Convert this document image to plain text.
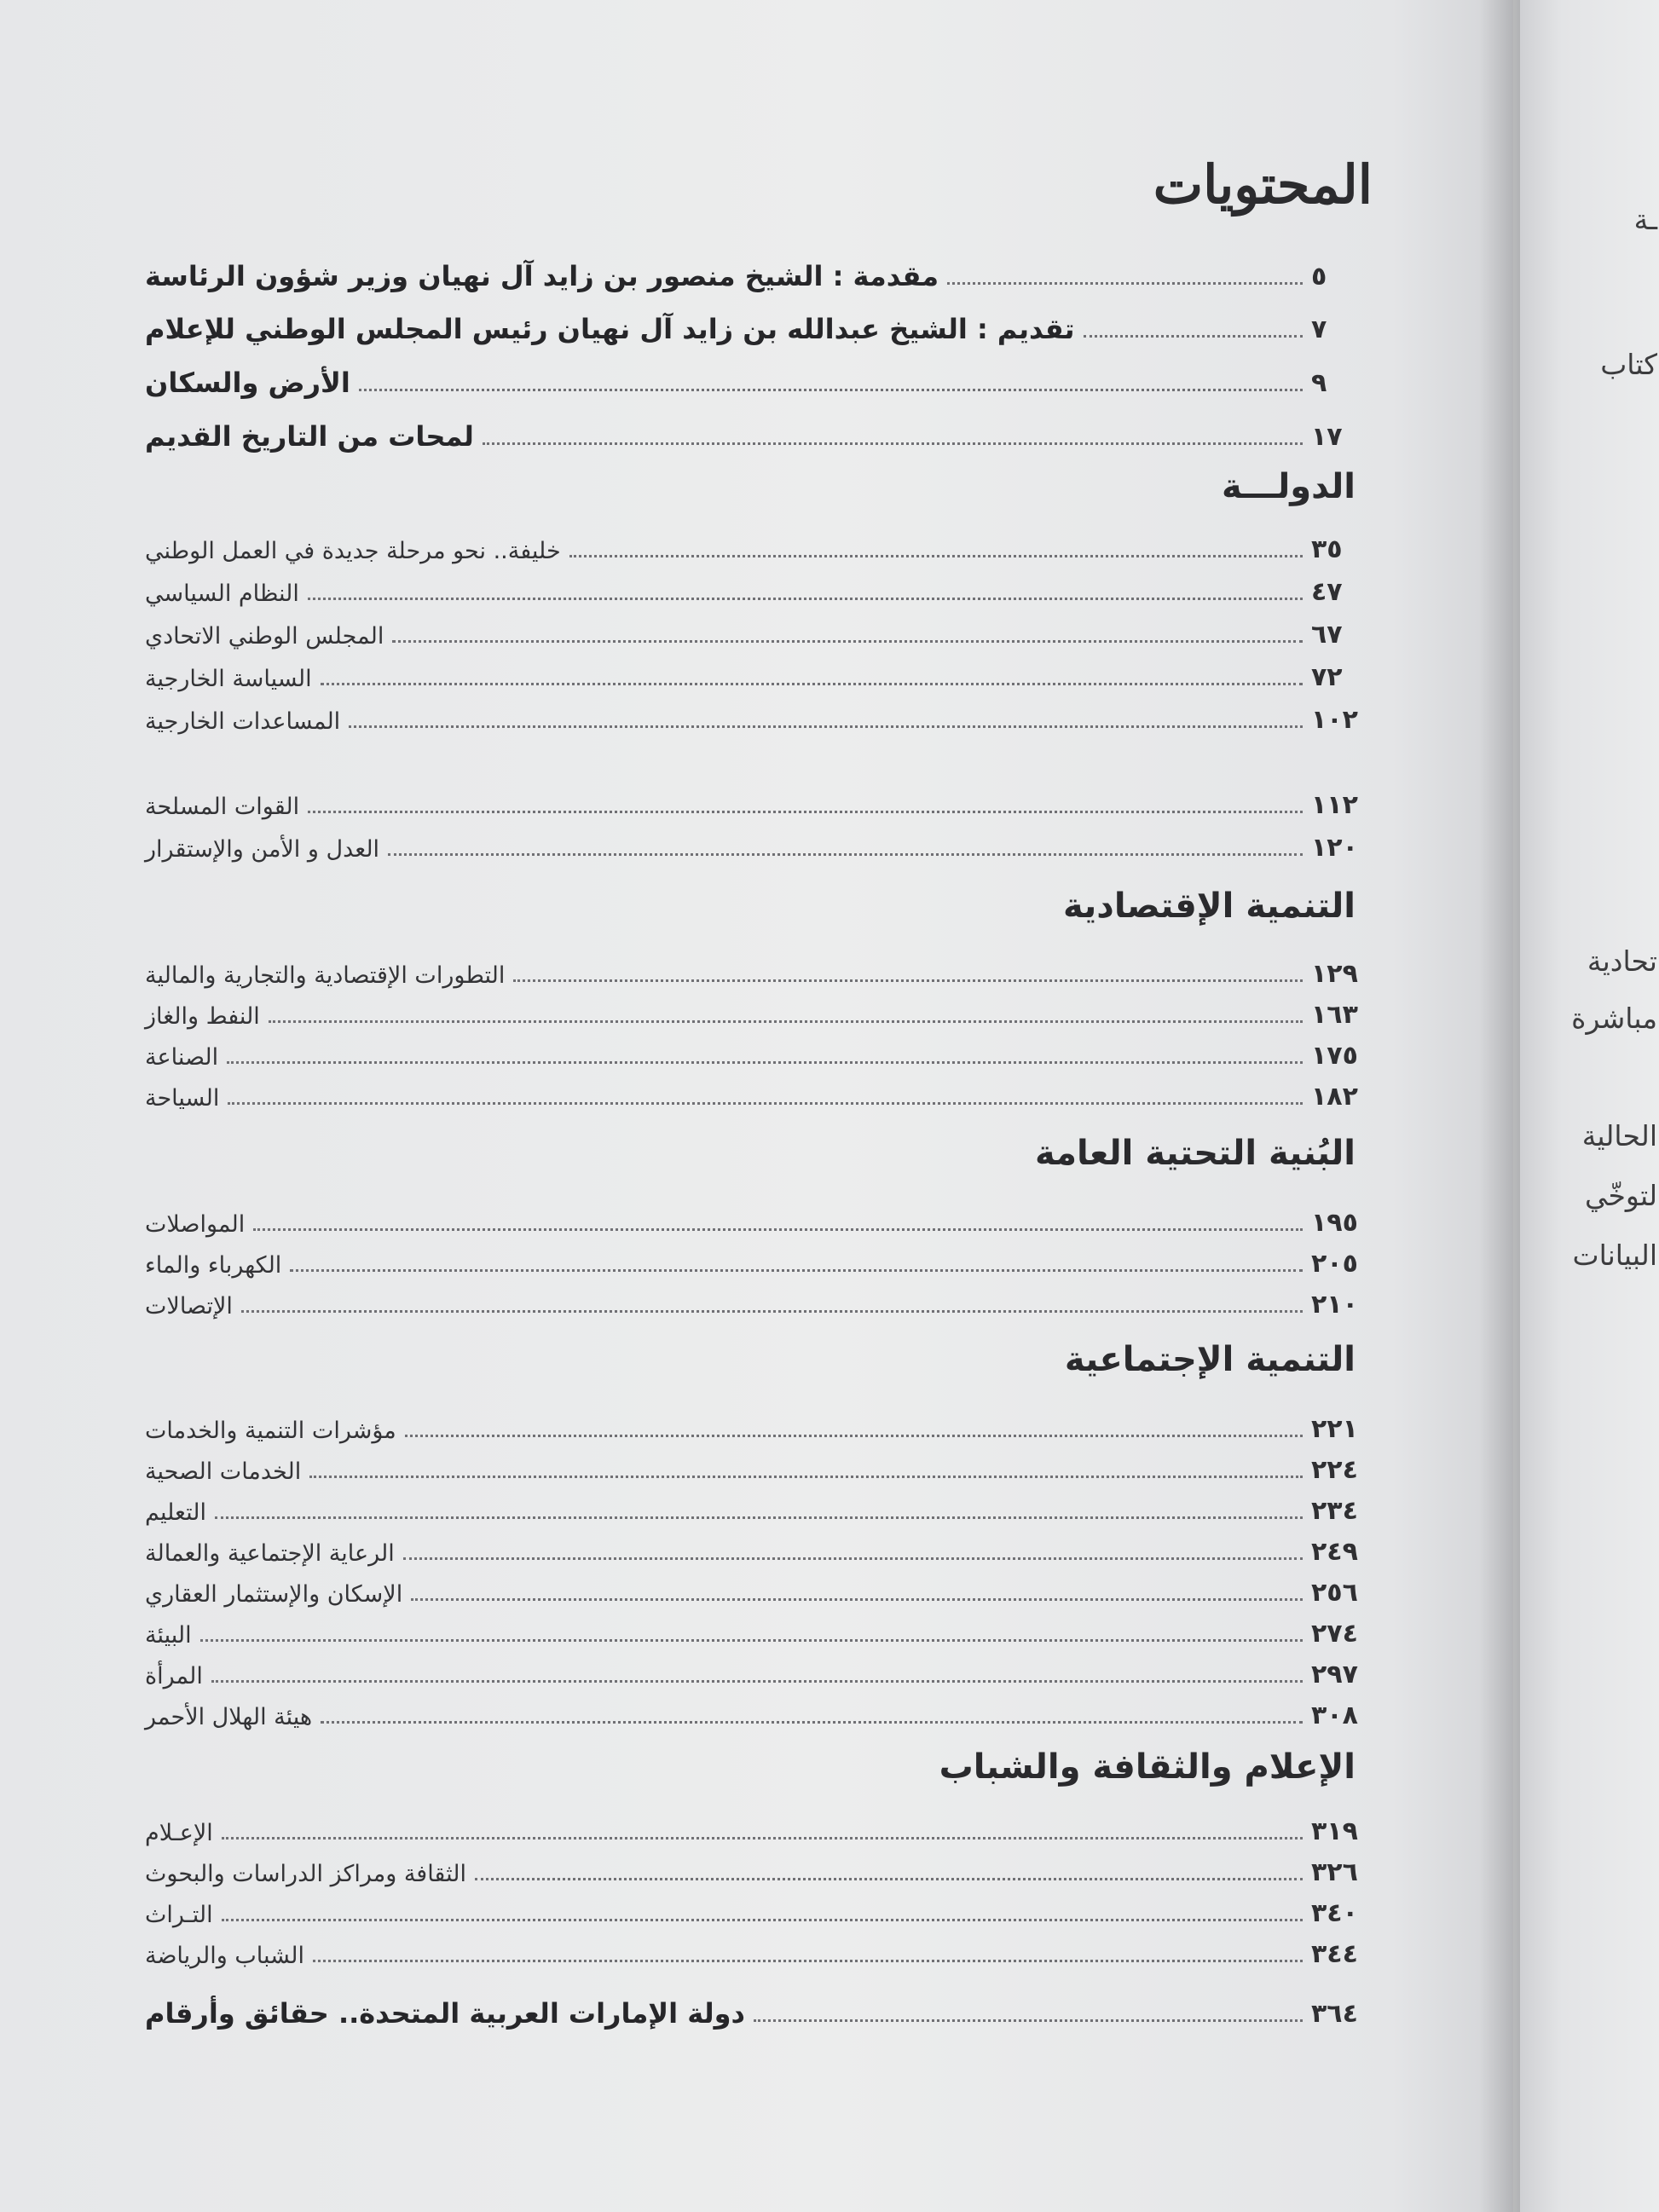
المحتويات
مقدمة : الشيخ منصور بن زايد آل نهيان وزير شؤون الرئاسة	٥
تقديم : الشيخ عبدالله بن زايد آل نهيان رئيس المجلس الوطني للإعلام	٧
الأرض والسكان	٩
لمحات من التاريخ القديم	١٧
الدولـــة
خليفة.. نحو مرحلة جديدة في العمل الوطني	٣٥
النظام السياسي	٤٧
المجلس الوطني الاتحادي	٦٧
السياسة الخارجية	٧٢
المساعدات الخارجية	١٠٢
القوات المسلحة	١١٢
العدل و الأمن والإستقرار	١٢٠
التنمية الإقتصادية
التطورات الإقتصادية والتجارية والمالية	١٢٩
النفط والغاز	١٦٣
الصناعة	١٧٥
السياحة	١٨٢
البُنية التحتية العامة
المواصلات	١٩٥
الكهرباء والماء	٢٠٥
الإتصالات	٢١٠
التنمية الإجتماعية
مؤشرات التنمية والخدمات	٢٢١
الخدمات الصحية	٢٢٤
التعليم	٢٣٤
الرعاية الإجتماعية والعمالة	٢٤٩
الإسكان والإستثمار العقاري	٢٥٦
البيئة	٢٧٤
المرأة	٢٩٧
هيئة الهلال الأحمر	٣٠٨
الإعلام والثقافة والشباب
الإعـلام	٣١٩
الثقافة ومراكز الدراسات والبحوث	٣٢٦
التـراث	٣٤٠
الشباب والرياضة	٣٤٤
دولة الإمارات العربية المتحدة.. حقائق وأرقام	٣٦٤
ـة
كتاب
تحادية
مباشرة
الحالية
لتوخّي
البيانات
